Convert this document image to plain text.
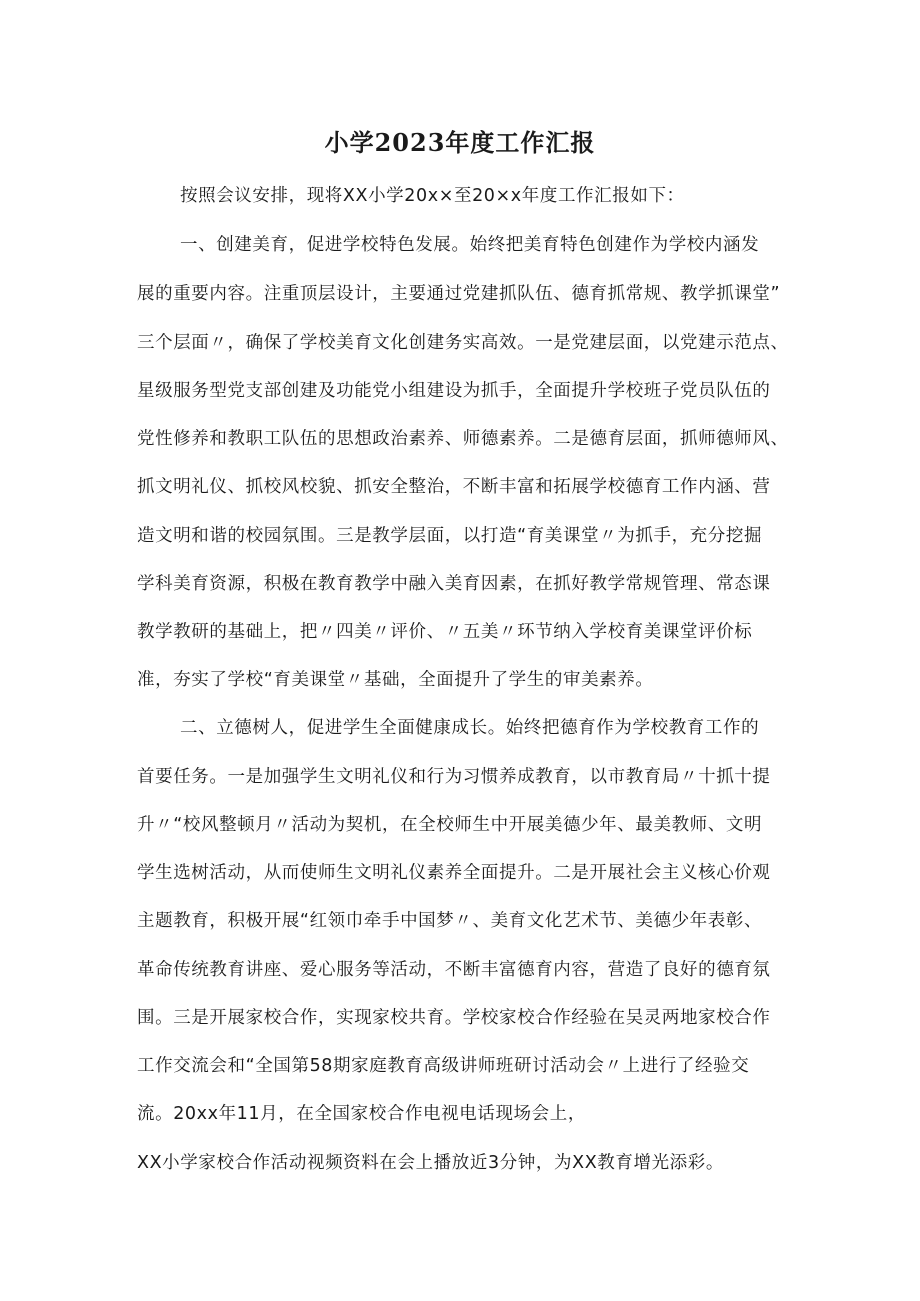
小学2023年度工作汇报

按照会议安排，现将XX小学20x×至20×x年度工作汇报如下：

一、创建美育，促进学校特色发展。始终把美育特色创建作为学校内涵发

展的重要内容。注重顶层设计，主要通过党建抓队伍、德育抓常规、教学抓课堂”

三个层面〃，确保了学校美育文化创建务实高效。一是党建层面，以党建示范点、

星级服务型党支部创建及功能党小组建设为抓手，全面提升学校班子党员队伍的

党性修养和教职工队伍的思想政治素养、师德素养。二是德育层面，抓师德师风、

抓文明礼仪、抓校风校貌、抓安全整治，不断丰富和拓展学校德育工作内涵、营

造文明和谐的校园氛围。三是教学层面，以打造“育美课堂〃为抓手，充分挖掘

学科美育资源，积极在教育教学中融入美育因素，在抓好教学常规管理、常态课

教学教研的基础上，把〃四美〃评价、〃五美〃环节纳入学校育美课堂评价标

准，夯实了学校“育美课堂〃基础，全面提升了学生的审美素养。

二、立德树人，促进学生全面健康成长。始终把德育作为学校教育工作的

首要任务。一是加强学生文明礼仪和行为习惯养成教育，以市教育局〃十抓十提

升〃“校风整顿月〃活动为契机，在全校师生中开展美德少年、最美教师、文明

学生选树活动，从而使师生文明礼仪素养全面提升。二是开展社会主义核心价观

主题教育，积极开展“红领巾牵手中国梦〃、美育文化艺术节、美德少年表彰、

革命传统教育讲座、爱心服务等活动，不断丰富德育内容，营造了良好的德育氛

围。三是开展家校合作，实现家校共育。学校家校合作经验在吴灵两地家校合作

工作交流会和“全国第58期家庭教育高级讲师班研讨活动会〃上进行了经验交

流。20xx年11月，在全国家校合作电视电话现场会上，

XX小学家校合作活动视频资料在会上播放近3分钟，为XX教育增光添彩。
